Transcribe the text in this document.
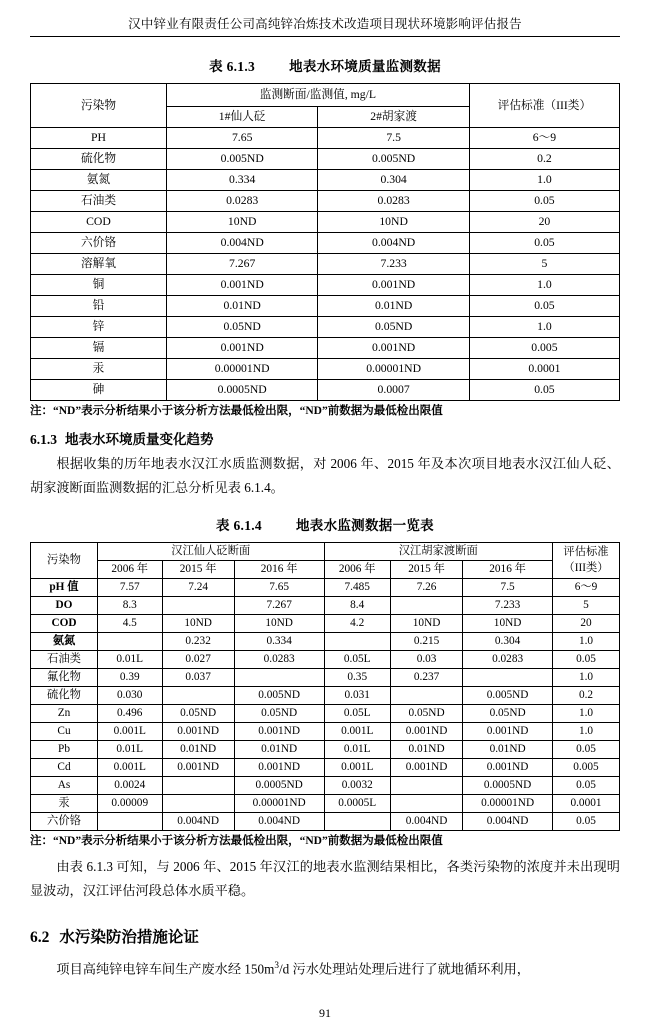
汉中锌业有限责任公司高纯锌冶炼技术改造项目现状环境影响评估报告
表 6.1.3	地表水环境质量监测数据
污染物	监测断面/监测值, mg/L		评估标准（III类）
	1#仙人砭	2#胡家渡	
PH	7.65	7.5	6～9
硫化物	0.005ND	0.005ND	0.2
氨氮	0.334	0.304	1.0
石油类	0.0283	0.0283	0.05
COD	10ND	10ND	20
六价铬	0.004ND	0.004ND	0.05
溶解氧	7.267	7.233	5
铜	0.001ND	0.001ND	1.0
铅	0.01ND	0.01ND	0.05
锌	0.05ND	0.05ND	1.0
镉	0.001ND	0.001ND	0.005
汞	0.00001ND	0.00001ND	0.0001
砷	0.0005ND	0.0007	0.05
注：“ND”表示分析结果小于该分析方法最低检出限，“ND”前数据为最低检出限值
6.1.3 地表水环境质量变化趋势

根据收集的历年地表水汉江水质监测数据，对 2006 年、2015 年及本次项目地表水汉江仙人砭、胡家渡断面监测数据的汇总分析见表 6.1.4。

表 6.1.4	地表水监测数据一览表
污染物	汉江仙人砭断面			汉江胡家渡断面			评估标准
（III类）

	2006 年	2015 年	2016 年	2006 年	2015 年	2016 年	
pH 值	7.57	7.24	7.65	7.485	7.26	7.5	6～9
DO	8.3		7.267	8.4		7.233	5
COD	4.5	10ND	10ND	4.2	10ND	10ND	20
氨氮		0.232	0.334		0.215	0.304	1.0
石油类	0.01L	0.027	0.0283	0.05L	0.03	0.0283	0.05
氟化物	0.39	0.037		0.35	0.237		1.0
硫化物	0.030		0.005ND	0.031		0.005ND	0.2
Zn	0.496	0.05ND	0.05ND	0.05L	0.05ND	0.05ND	1.0
Cu	0.001L	0.001ND	0.001ND	0.001L	0.001ND	0.001ND	1.0
Pb	0.01L	0.01ND	0.01ND	0.01L	0.01ND	0.01ND	0.05
Cd	0.001L	0.001ND	0.001ND	0.001L	0.001ND	0.001ND	0.005
As	0.0024		0.0005ND	0.0032		0.0005ND	0.05
汞	0.00009		0.00001ND	0.0005L		0.00001ND	0.0001
六价铬		0.004ND	0.004ND		0.004ND	0.004ND	0.05
注：“ND”表示分析结果小于该分析方法最低检出限，“ND”前数据为最低检出限值

由表 6.1.3 可知，与 2006 年、2015 年汉江的地表水监测结果相比，各类污染物的浓度并未出现明显波动，汉江评估河段总体水质平稳。

6.2 水污染防治措施论证

项目高纯锌电锌车间生产废水经 $150m^3/d$ 污水处理站处理后进行了就地循环利用，

91
